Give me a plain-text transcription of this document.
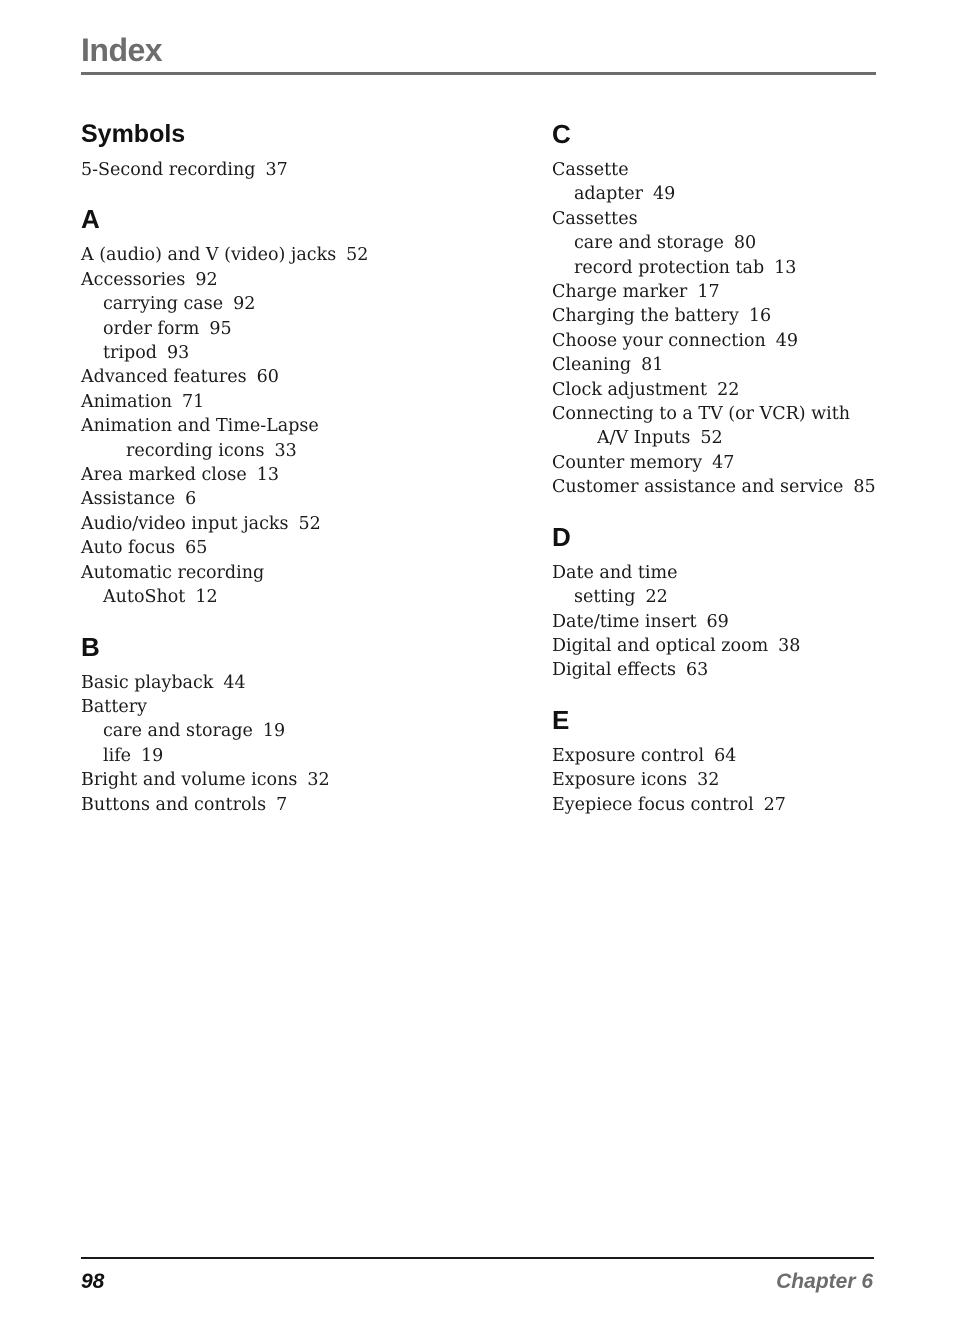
Index
Symbols
5-Second recording 37
A
A (audio) and V (video) jacks 52
Accessories 92
carrying case 92
order form 95
tripod 93
Advanced features 60
Animation 71
Animation and Time-Lapse
recording icons 33
Area marked close 13
Assistance 6
Audio/video input jacks 52
Auto focus 65
Automatic recording
AutoShot 12
B
Basic playback 44
Battery
care and storage 19
life 19
Bright and volume icons 32
Buttons and controls 7
C
Cassette
adapter 49
Cassettes
care and storage 80
record protection tab 13
Charge marker 17
Charging the battery 16
Choose your connection 49
Cleaning 81
Clock adjustment 22
Connecting to a TV (or VCR) with
A/V Inputs 52
Counter memory 47
Customer assistance and service 85
D
Date and time
setting 22
Date/time insert 69
Digital and optical zoom 38
Digital effects 63
E
Exposure control 64
Exposure icons 32
Eyepiece focus control 27
98	Chapter 6
